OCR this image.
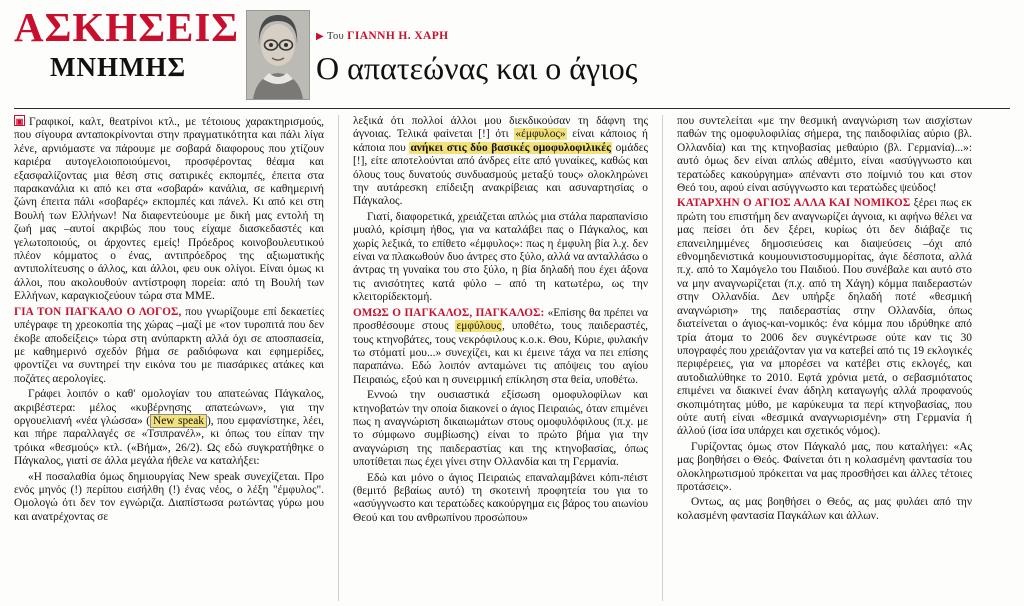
ΑΣΚΗΣΕΙΣ
ΜΝΗΜΗΣ
▶ Του ΓΙΑΝΝΗ Η. ΧΑΡΗ
Ο απατεώνας και ο άγιος

▣ Γραφικοί, καλτ, θεατρίνοι κτλ., με τέτοιους χαρακτηρισμούς, που σίγουρα ανταποκρίνονται στην πραγματικότητα και πάλι λίγα λένε, αρνιόμαστε να πάρουμε με σοβαρά διαφορους που χτίζουν καριέρα αυτογελοιοποιούμενοι, προσφέροντας θέαμα και εξασφαλίζοντας μια θέση στις σατιρικές εκπομπές, έπειτα στα παρακανάλια κι από κει στα «σοβαρά» κανάλια, σε καθημερινή ζώνη έπειτα πάλι «σοβαρές» εκπομπές και πάνελ. Κι από κει στη Βουλή των Ελλήνων! Να διαφεντεύουμε με δική μας εντολή τη ζωή μας –αυτοί ακριβώς που τους είχαμε διασκεδαστές και γελωτοποιούς, οι άρχοντες εμείς! Πρόεδρος κοινοβουλευτικού πλέον κόμματος ο ένας, αντιπρόεδρος της αξιωματικής αντιπολίτευσης ο άλλος, και άλλοι, φευ ουκ ολίγοι. Είναι όμως κι άλλοι, που ακολουθούν αντίστροφη πορεία: από τη Βουλή των Ελλήνων, καραγκιοζεύουν τώρα στα ΜΜΕ.

ΓΙΑ ΤΟΝ ΠΑΓΚΑΛΟ Ο ΛΟΓΟΣ, που γνωρίζουμε επί δεκαετίες υπέγραφε τη χρεοκοπία της χώρας –μαζί με «τον τυροπιτά που δεν έκοβε αποδείξεις» τώρα στη ανύπαρκτη αλλά όχι σε αποσπασεία, με καθημερινό σχεδόν βήμα σε ραδιόφωνα και εφημερίδες, φροντίζει να συντηρεί την εικόνα του με πιασάρικες ατάκες και ποζάτες αερολογίες.

Γράφει λοιπόν ο καθ' ομολογίαν του απατεώνας Πάγκαλος, ακριβέστερα: μέλος «κυβέρνησης απατεώνων», για την οργουελιανή «νέα γλώσσα» ( New speak ), που εμφανίστηκε, λέει, και πήρε παραλλαγές σε «Τσιπρανέλ», κι όπως του είπαν την τρόικα «θεσμούς» κτλ. («Βήμα», 26/2). Ως εδώ συγκρατήθηκε ο Πάγκαλος, γιατί σε άλλα μεγάλα ήθελε να καταλήξει:

«Η ποσαλαθία όμως δημιουργίας New speak συνεχίζεται. Προ ενός μηνός (!) περίπου εισήλθη (!) ένας νέος, ο λέξη "έμφυλος". Ομολογώ ότι δεν τον εγνώριζα. Διαπίστωσα ρωτώντας γύρω μου και ανατρέχοντας σε

λεξικά ότι πολλοί άλλοι μου διεκδικούσαν τη δάφνη της άγνοιας. Τελικά φαίνεται [!] ότι «έμφυλος» είναι κάποιος ή κάποια που ανήκει στις δύο βασικές ομοφυλοφιλικές ομάδες [!], είτε αποτελούνται από άνδρες είτε από γυναίκες, καθώς και όλους τους δυνατούς συνδυασμούς μεταξύ τους» ολοκληρώνει την αυτάρεσκη επίδειξη ανακρίβειας και ασυναρτησίας ο Πάγκαλος.

Γιατί, διαφορετικά, χρειάζεται απλώς μια στάλα παραπανίσιο μυαλό, κρίσιμη ήθος, για να καταλάβει πας ο Πάγκαλος, και χωρίς λεξικά, το επίθετο «έμφυλος»: πως η έμφυλη βία λ.χ. δεν είναι να πλακωθούν δυο άντρες στο ξύλο, αλλά να ανταλλάσω ο άντρας τη γυναίκα του στο ξύλο, η βία δηλαδή που έχει άξονα τις ανισότητες κατά φύλο – από τη κατωτέρω, ως την κλειτορίδεκτομή.

ΟΜΩΣ Ο ΠΑΓΚΑΛΟΣ, ΠΑΓΚΑΛΟΣ: «Επίσης θα πρέπει να προσθέσουμε στους εμφύλους, υποθέτω, τους παιδεραστές, τους κτηνοβάτες, τους νεκρόφιλους κ.ο.κ. Θου, Κύριε, φυλακήν τω στόματί μου...» συνεχίζει, και κι έμεινε τάχα να πει επίσης παραπάνω. Εδώ λοιπόν ανταμώνει τις απόψεις του αγίου Πειραιώς, εξού και η συνειρμική επίκληση στα θεία, υποθέτω.

Εννοώ την ουσιαστικά εξίσωση ομοφυλοφίλων και κτηνοβατών την οποία διακονεί ο άγιος Πειραιώς, όταν επιμένει πως η αναγνώριση δικαιωμάτων στους ομοφυλόφιλους (π.χ. με το σύμφωνο συμβίωσης) είναι το πρώτο βήμα για την αναγνώριση της παιδεραστίας και της κτηνοβασίας, όπως υποτίθεται πως έχει γίνει στην Ολλανδία και τη Γερμανία.

Εδώ και μόνο ο άγιος Πειραιώς επαναλαμβάνει κόπι-πέιστ (θεμιτό βεβαίως αυτό) τη σκοτεινή προφητεία του για το «ασύγγνωστο και τερατώδες κακούργημα εις βάρος του αιωνίου Θεού και του ανθρωπίνου προσώπου»

που συντελείται «με την θεσμική αναγνώριση των αισχίστων παθών της ομοφυλοφιλίας σήμερα, της παιδοφιλίας αύριο (βλ. Ολλανδία) και της κτηνοβασίας μεθαύριο (βλ. Γερμανία)...»: αυτό όμως δεν είναι απλώς αθέμιτο, είναι «ασύγγνωστο και τερατώδες κακούργημα» απέναντι στο ποίμνιό του και στον Θεό του, αφού είναι ασύγγνωστο και τερατώδες ψεύδος!

ΚΑΤΑΡΧΗΝ Ο ΑΓΙΟΣ ΑΛΛΑ ΚΑΙ ΝΟΜΙΚΟΣ ξέρει πως εκ πρώτη του επιστήμη δεν αναγνωρίζει άγνοια, κι αφήνω θέλει να μας πείσει ότι δεν ξέρει, κυρίως ότι δεν διάβαζε τις επανειλημμένες δημοσιεύσεις και διαψεύσεις –όχι από εθνομηδενιστικά κουμουνιστοσυμμορίτας, άγιε δέσποτα, αλλά π.χ. από το Χαμόγελο του Παιδιού. Που συνέβαλε και αυτό στο να μην αναγνωρίζεται (π.χ. από τη Χάγη) κόμμα παιδεραστών στην Ολλανδία. Δεν υπήρξε δηλαδή ποτέ «θεσμική αναγνώριση» της παιδεραστίας στην Ολλανδία, όπως διατείνεται ο άγιος-και-νομικός: ένα κόμμα που ιδρύθηκε από τρία άτομα το 2006 δεν συγκέντρωσε ούτε καν τις 30 υπογραφές που χρειάζονταν για να κατεβεί από τις 19 εκλογικές περιφέρειες, για να μπορέσει να κατέβει στις εκλογές, και αυτοδιαλύθηκε το 2010. Εφτά χρόνια μετά, ο σεβασμιότατος επιμένει να διακινεί έναν άδηλη καταγωγής αλλά προφανούς σκοπιμότητας μύθο, με καρύκευμα τα περί κτηνοβασίας, που ούτε αυτή είναι «θεσμικά αναγνωρισμένη» στη Γερμανία ή άλλού (ίσα ίσα υπάρχει και σχετικός νόμος).

Γυρίζοντας όμως στον Πάγκαλό μας, που καταλήγει: «Ας μας βοηθήσει ο Θεός. Φαίνεται ότι η κολασμένη φαντασία του ολοκληρωτισμού πρόκειται να μας προσθήσει και άλλες τέτοιες προτάσεις».

Οντως, ας μας βοηθήσει ο Θεός, ας μας φυλάει από την κολασμένη φαντασία Παγκάλων και άλλων.
